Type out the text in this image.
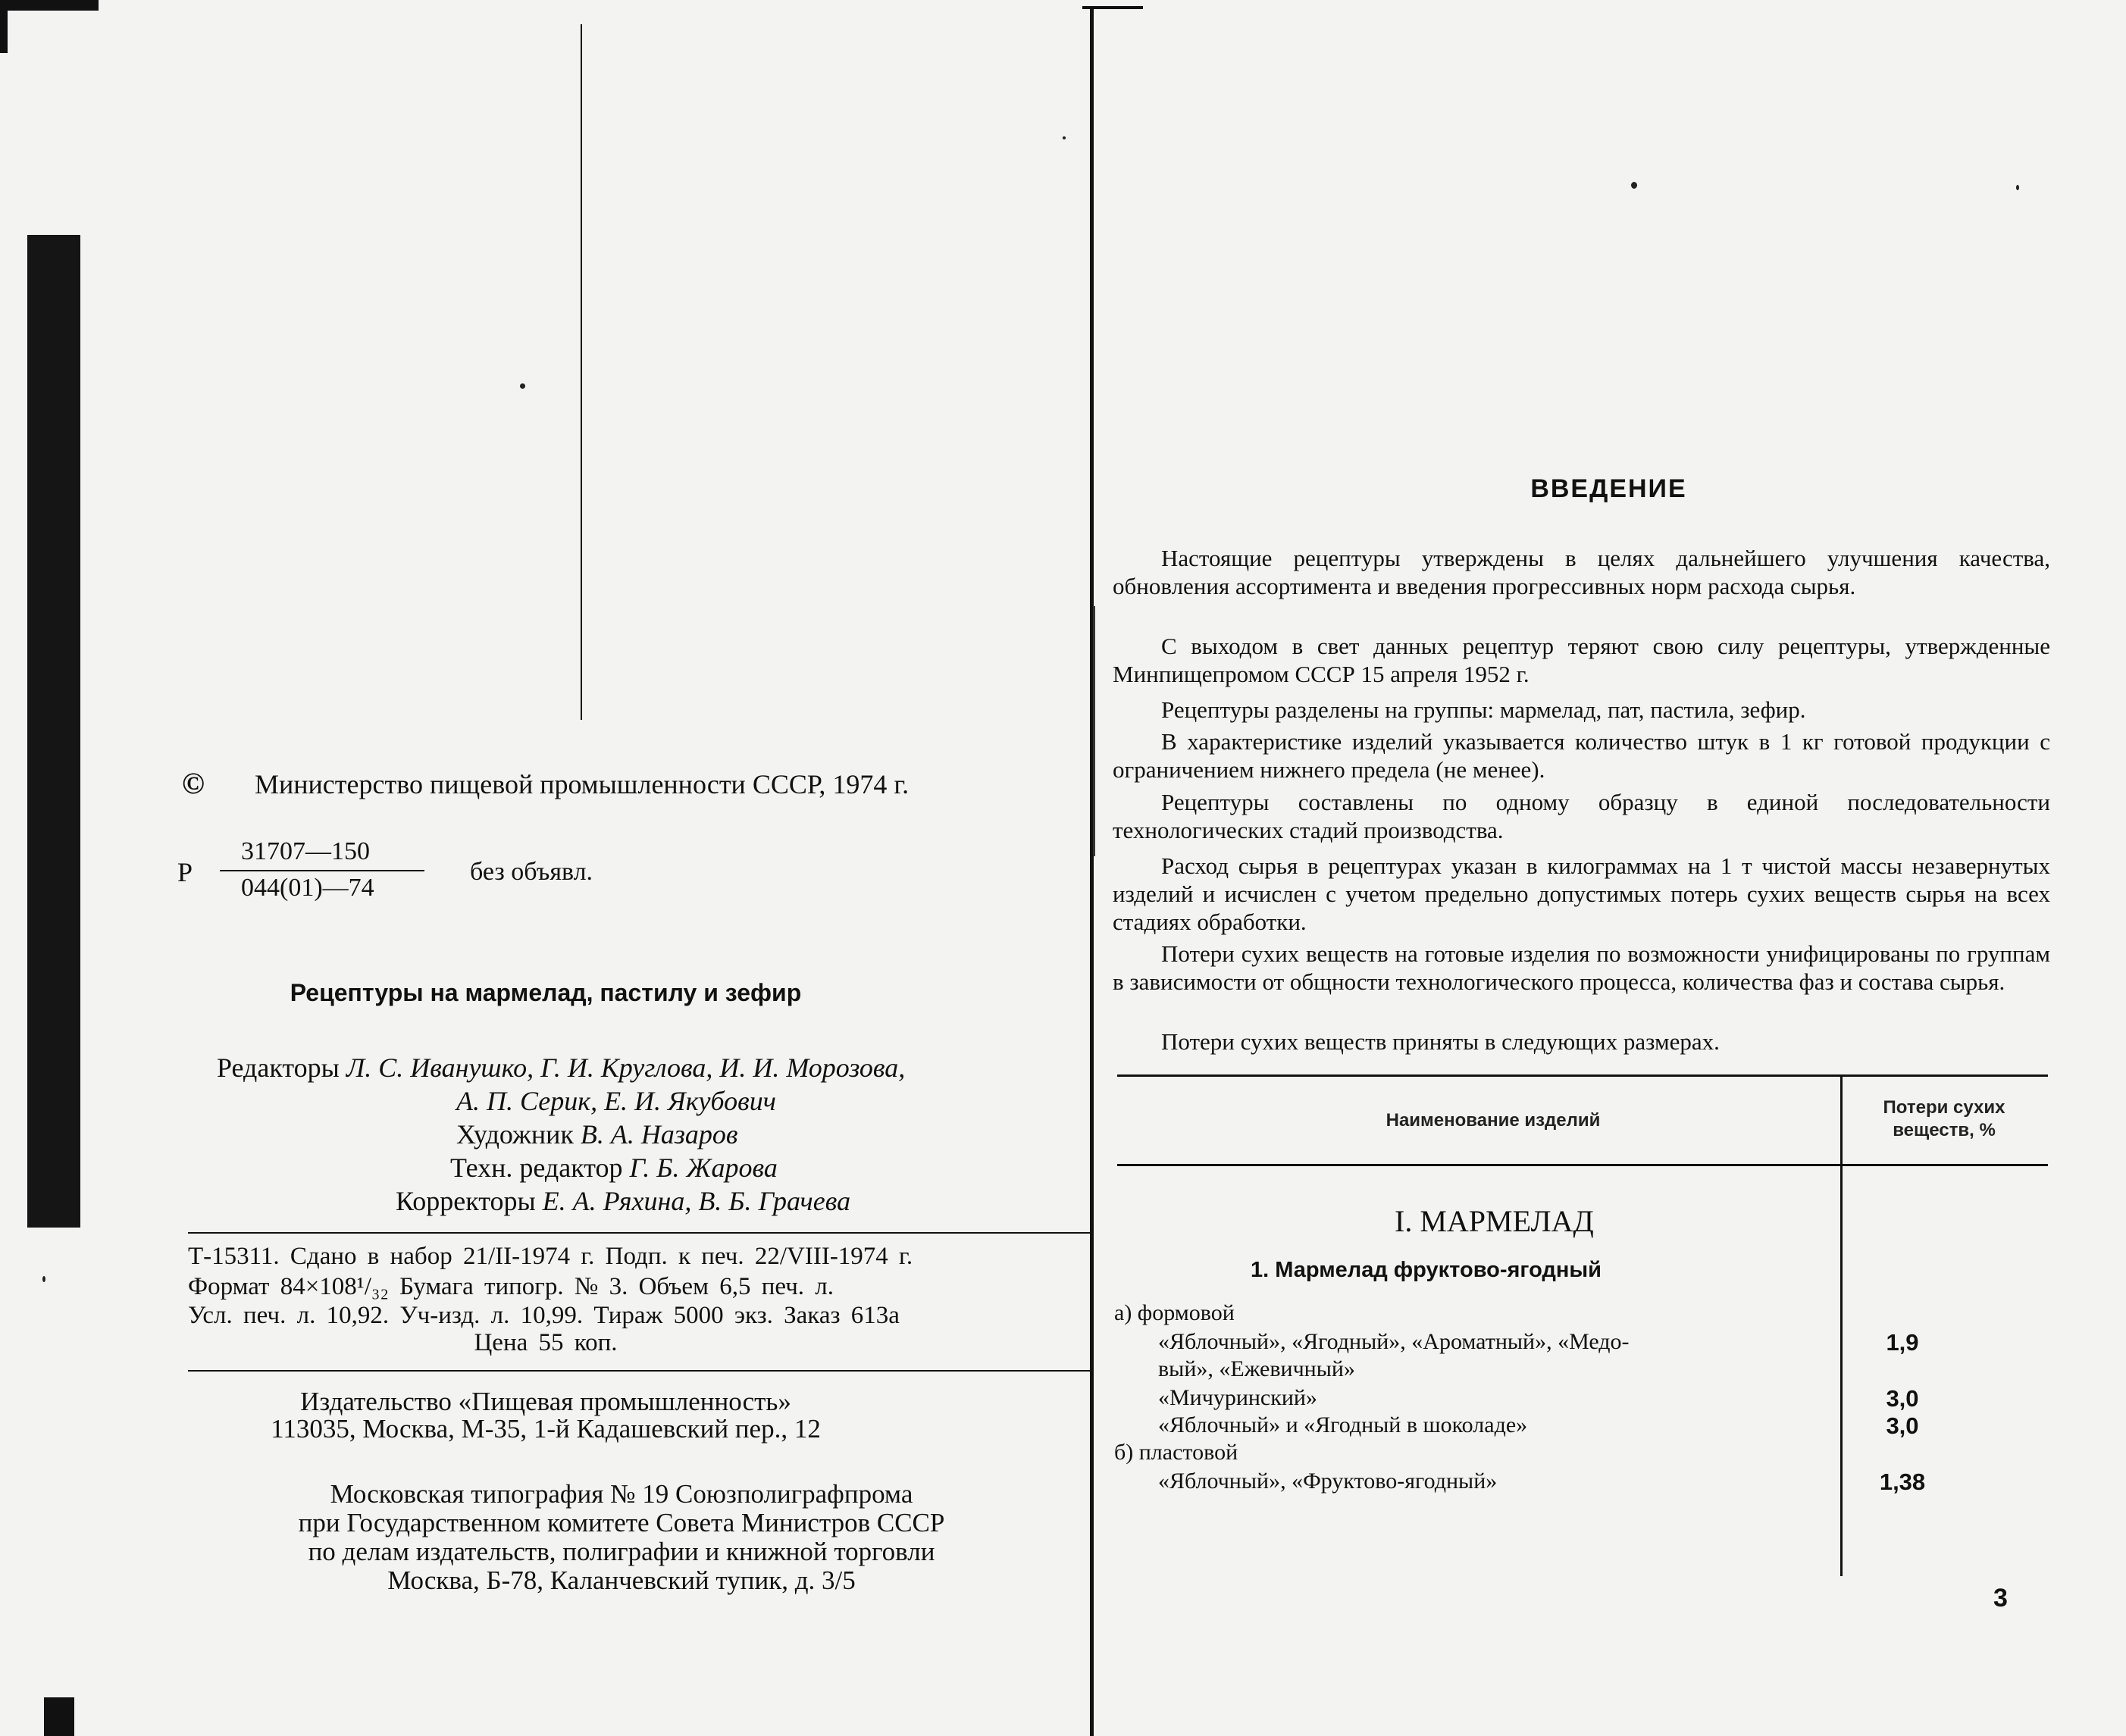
© Министерство пищевой промышленности СССР, 1974 г.
Р
31707—150
044(01)—74
без объявл.
Рецептуры на мармелад, пастилу и зефир
Редакторы Л. С. Иванушко, Г. И. Круглова, И. И. Морозова,
А. П. Серик, Е. И. Якубович
Художник В. А. Назаров
Техн. редактор Г. Б. Жарова
Корректоры Е. А. Ряхина, В. Б. Грачева
Т-15311. Сдано в набор 21/II-1974 г. Подп. к печ. 22/VIII-1974 г.
Формат 84×108¹/₃₂ Бумага типогр. № 3. Объем 6,5 печ. л.
Усл. печ. л. 10,92. Уч-изд. л. 10,99. Тираж 5000 экз. Заказ 613а
Цена 55 коп.
Издательство «Пищевая промышленность»
113035, Москва, М-35, 1-й Кадашевский пер., 12
Московская типография № 19 Союзполиграфпрома
при Государственном комитете Совета Министров СССР
по делам издательств, полиграфии и книжной торговли
Москва, Б-78, Каланчевский тупик, д. 3/5
ВВЕДЕНИЕ
Настоящие рецептуры утверждены в целях дальнейшего улучшения качества, обновления ассортимента и введения прогрессивных норм расхода сырья.
С выходом в свет данных рецептур теряют свою силу рецептуры, утвержденные Минпищепромом СССР 15 апреля 1952 г.
Рецептуры разделены на группы: мармелад, пат, пастила, зефир.
В характеристике изделий указывается количество штук в 1 кг готовой продукции с ограничением нижнего предела (не менее).
Рецептуры составлены по одному образцу в единой последовательности технологических стадий производства.
Расход сырья в рецептурах указан в килограммах на 1 т чистой массы незавернутых изделий и исчислен с учетом предельно допустимых потерь сухих веществ сырья на всех стадиях обработки.
Потери сухих веществ на готовые изделия по возможности унифицированы по группам в зависимости от общности технологического процесса, количества фаз и состава сырья.
Потери сухих веществ приняты в следующих размерах.
Наименование изделий
Потери сухих
веществ, %
I. МАРМЕЛАД
1. Мармелад фруктово-ягодный
а) формовой
«Яблочный», «Ягодный», «Ароматный», «Медо-	1,9
вый», «Ежевичный»
«Мичуринский»	3,0
«Яблочный» и «Ягодный в шоколаде»	3,0
б) пластовой
«Яблочный», «Фруктово-ягодный»	1,38
3
